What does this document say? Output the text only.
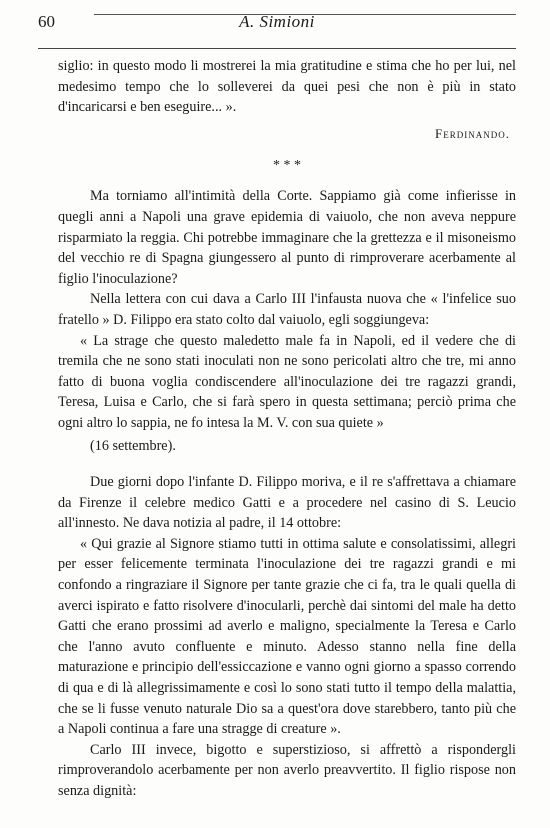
60	A. Simioni

siglio: in questo modo li mostrerei la mia gratitudine e stima che ho per lui, nel medesimo tempo che lo solleverei da quei pesi che non è più in stato d'incaricarsi e ben eseguire... ».

Ferdinando.

* * *

Ma torniamo all'intimità della Corte. Sappiamo già come infierisse in quegli anni a Napoli una grave epidemia di vaiuolo, che non aveva neppure risparmiato la reggia. Chi potrebbe immaginare che la grettezza e il misoneismo del vecchio re di Spagna giungessero al punto di rimproverare acerbamente al figlio l'inoculazione?

Nella lettera con cui dava a Carlo III l'infausta nuova che « l'infelice suo fratello » D. Filippo era stato colto dal vaiuolo, egli soggiungeva:

« La strage che questo maledetto male fa in Napoli, ed il vedere che di tremila che ne sono stati inoculati non ne sono pericolati altro che tre, mi anno fatto di buona voglia condiscendere all'inoculazione dei tre ragazzi grandi, Teresa, Luisa e Carlo, che si farà spero in questa settimana; perciò prima che ogni altro lo sappia, ne fo intesa la M. V. con sua quiete »

(16 settembre).

Due giorni dopo l'infante D. Filippo moriva, e il re s'affrettava a chiamare da Firenze il celebre medico Gatti e a procedere nel casino di S. Leucio all'innesto. Ne dava notizia al padre, il 14 ottobre:

« Qui grazie al Signore stiamo tutti in ottima salute e consolatissimi, allegri per esser felicemente terminata l'inoculazione dei tre ragazzi grandi e mi confondo a ringraziare il Signore per tante grazie che ci fa, tra le quali quella di averci ispirato e fatto risolvere d'inocularli, perchè dai sintomi del male ha detto Gatti che erano prossimi ad averlo e maligno, specialmente la Teresa e Carlo che l'anno avuto confluente e minuto. Adesso stanno nella fine della maturazione e principio dell'essiccazione e vanno ogni giorno a spasso correndo di qua e di là allegrissimamente e così lo sono stati tutto il tempo della malattia, che se li fusse venuto naturale Dio sa a quest'ora dove starebbero, tanto più che a Napoli continua a fare una stragge di creature ».

Carlo III invece, bigotto e superstizioso, si affrettò a rispondergli rimproverandolo acerbamente per non averlo preavvertito. Il figlio rispose non senza dignità:
